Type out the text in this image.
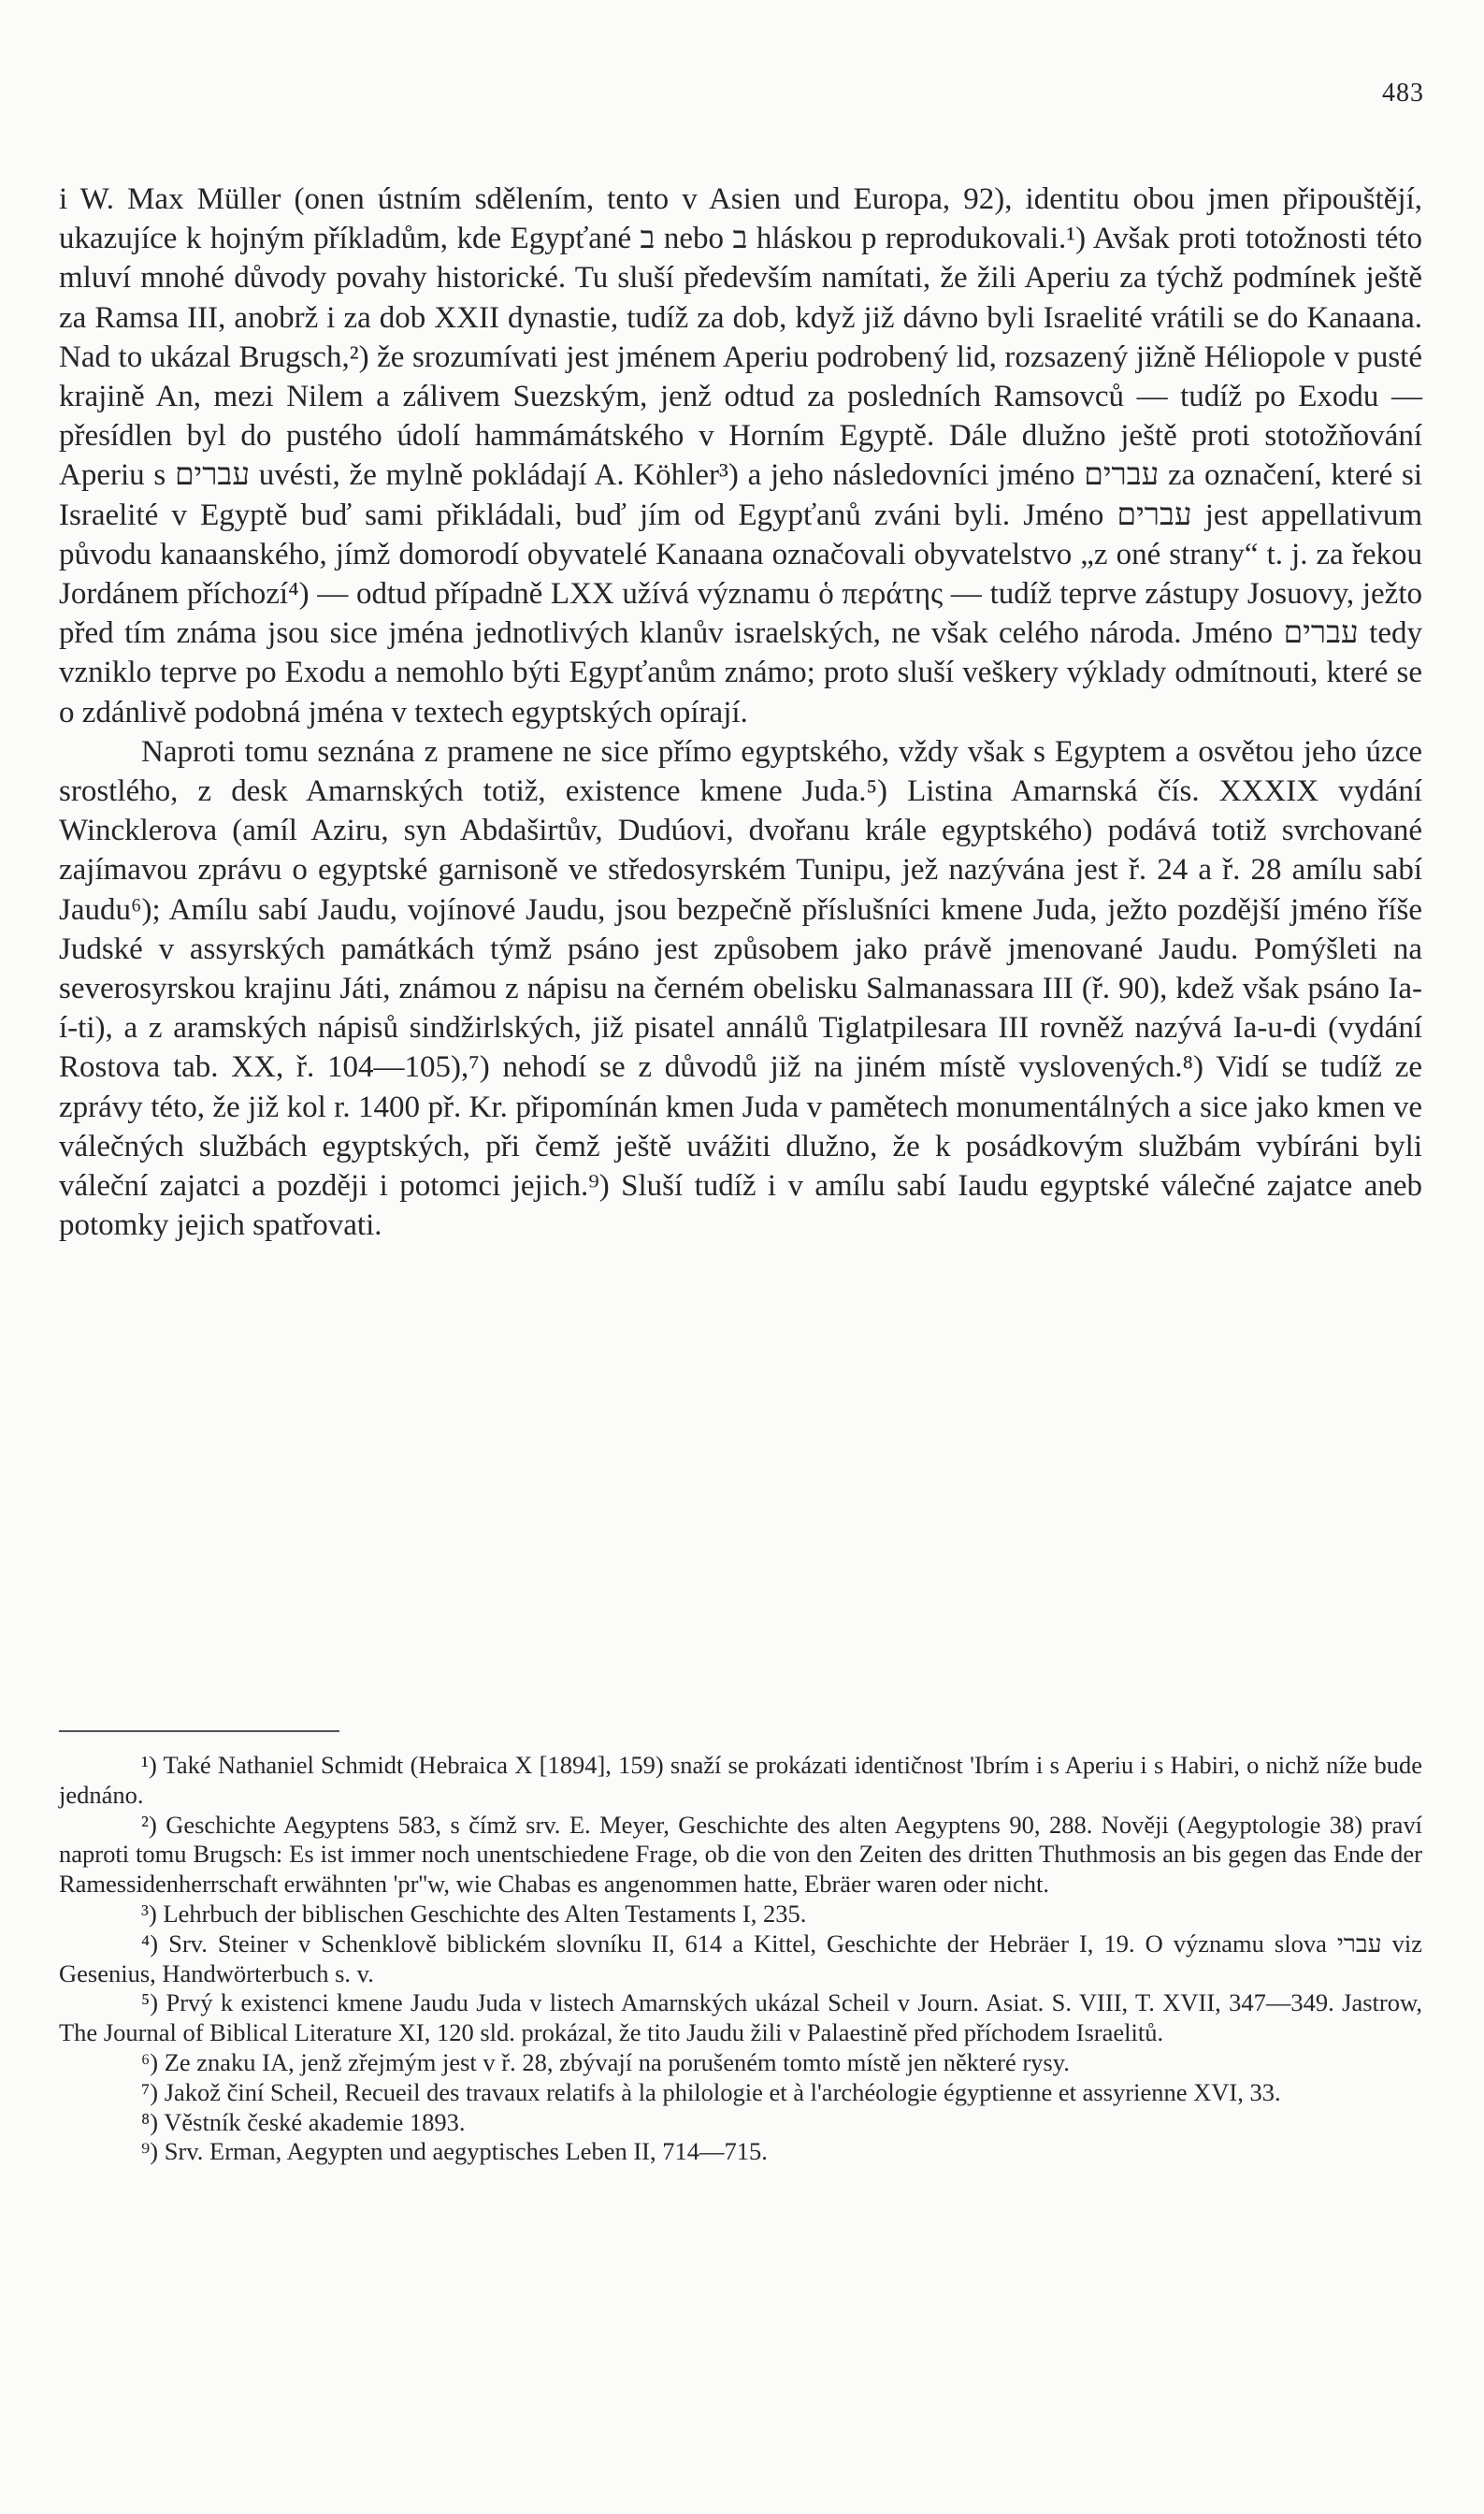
483

i W. Max Müller (onen ústním sdělením, tento v Asien und Europa, 92), identitu obou jmen připouštějí, ukazujíce k hojným příkladům, kde Egypťané ב nebo ב hláskou p reprodukovali.¹) Avšak proti totožnosti této mluví mnohé důvody povahy historické. Tu sluší především namítati, že žili Aperiu za týchž podmínek ještě za Ramsa III, anobrž i za dob XXII dynastie, tudíž za dob, když již dávno byli Israelité vrátili se do Kanaana. Nad to ukázal Brugsch,²) že srozumívati jest jménem Aperiu podrobený lid, rozsazený jižně Héliopole v pusté krajině An, mezi Nilem a zálivem Suezským, jenž odtud za posledních Ramsovců — tudíž po Exodu — přesídlen byl do pustého údolí hammámátského v Horním Egyptě. Dále dlužno ještě proti stotožňování Aperiu s עברים uvésti, že mylně pokládají A. Köhler³) a jeho následovníci jméno עברים za označení, které si Israelité v Egyptě buď sami přikládali, buď jím od Egypťanů zváni byli. Jméno עברים jest appellativum původu kanaanského, jímž domorodí obyvatelé Kanaana označovali obyvatelstvo „z oné strany“ t. j. za řekou Jordánem příchozí⁴) — odtud případně LXX užívá významu ὁ περάτης — tudíž teprve zástupy Josuovy, ježto před tím známa jsou sice jména jednotlivých klanův israelských, ne však celého národa. Jméno עברים tedy vzniklo teprve po Exodu a nemohlo býti Egypťanům známo; proto sluší veškery výklady odmítnouti, které se o zdánlivě podobná jména v textech egyptských opírají.

Naproti tomu seznána z pramene ne sice přímo egyptského, vždy však s Egyptem a osvětou jeho úzce srostlého, z desk Amarnských totiž, existence kmene Juda.⁵) Listina Amarnská čís. XXXIX vydání Wincklerova (amíl Aziru, syn Abdaširtův, Dudúovi, dvořanu krále egyptského) podává totiž svrchované zajímavou zprávu o egyptské garnisoně ve středosyrském Tunipu, jež nazývána jest ř. 24 a ř. 28 amílu sabí Jaudu⁶); Amílu sabí Jaudu, vojínové Jaudu, jsou bezpečně příslušníci kmene Juda, ježto pozdější jméno říše Judské v assyrských památkách týmž psáno jest způsobem jako právě jmenované Jaudu. Pomýšleti na severosyrskou krajinu Játi, známou z nápisu na černém obelisku Salmanassara III (ř. 90), kdež však psáno Ia-í-ti), a z aramských nápisů sindžirlských, již pisatel annálů Tiglatpilesara III rovněž nazývá Ia-u-di (vydání Rostova tab. XX, ř. 104—105),⁷) nehodí se z důvodů již na jiném místě vyslovených.⁸) Vidí se tudíž ze zprávy této, že již kol r. 1400 př. Kr. připomínán kmen Juda v pamětech monumentálných a sice jako kmen ve válečných službách egyptských, při čemž ještě uvážiti dlužno, že k posádkovým službám vybíráni byli váleční zajatci a později i potomci jejich.⁹) Sluší tudíž i v amílu sabí Iaudu egyptské válečné zajatce aneb potomky jejich spatřovati.

¹) Také Nathaniel Schmidt (Hebraica X [1894], 159) snaží se prokázati identičnost 'Ibrím i s Aperiu i s Habiri, o nichž níže bude jednáno.

²) Geschichte Aegyptens 583, s čímž srv. E. Meyer, Geschichte des alten Aegyptens 90, 288. Nověji (Aegyptologie 38) praví naproti tomu Brugsch: Es ist immer noch unentschiedene Frage, ob die von den Zeiten des dritten Thuthmosis an bis gegen das Ende der Ramessidenherrschaft erwähnten 'pr''w, wie Chabas es angenommen hatte, Ebräer waren oder nicht.

³) Lehrbuch der biblischen Geschichte des Alten Testaments I, 235.

⁴) Srv. Steiner v Schenklově biblickém slovníku II, 614 a Kittel, Geschichte der Hebräer I, 19. O významu slova עברי viz Gesenius, Handwörterbuch s. v.

⁵) Prvý k existenci kmene Jaudu Juda v listech Amarnských ukázal Scheil v Journ. Asiat. S. VIII, T. XVII, 347—349. Jastrow, The Journal of Biblical Literature XI, 120 sld. prokázal, že tito Jaudu žili v Palaestině před příchodem Israelitů.

⁶) Ze znaku IA, jenž zřejmým jest v ř. 28, zbývají na porušeném tomto místě jen některé rysy.

⁷) Jakož činí Scheil, Recueil des travaux relatifs à la philologie et à l'archéologie égyptienne et assyrienne XVI, 33.

⁸) Věstník české akademie 1893.

⁹) Srv. Erman, Aegypten und aegyptisches Leben II, 714—715.
